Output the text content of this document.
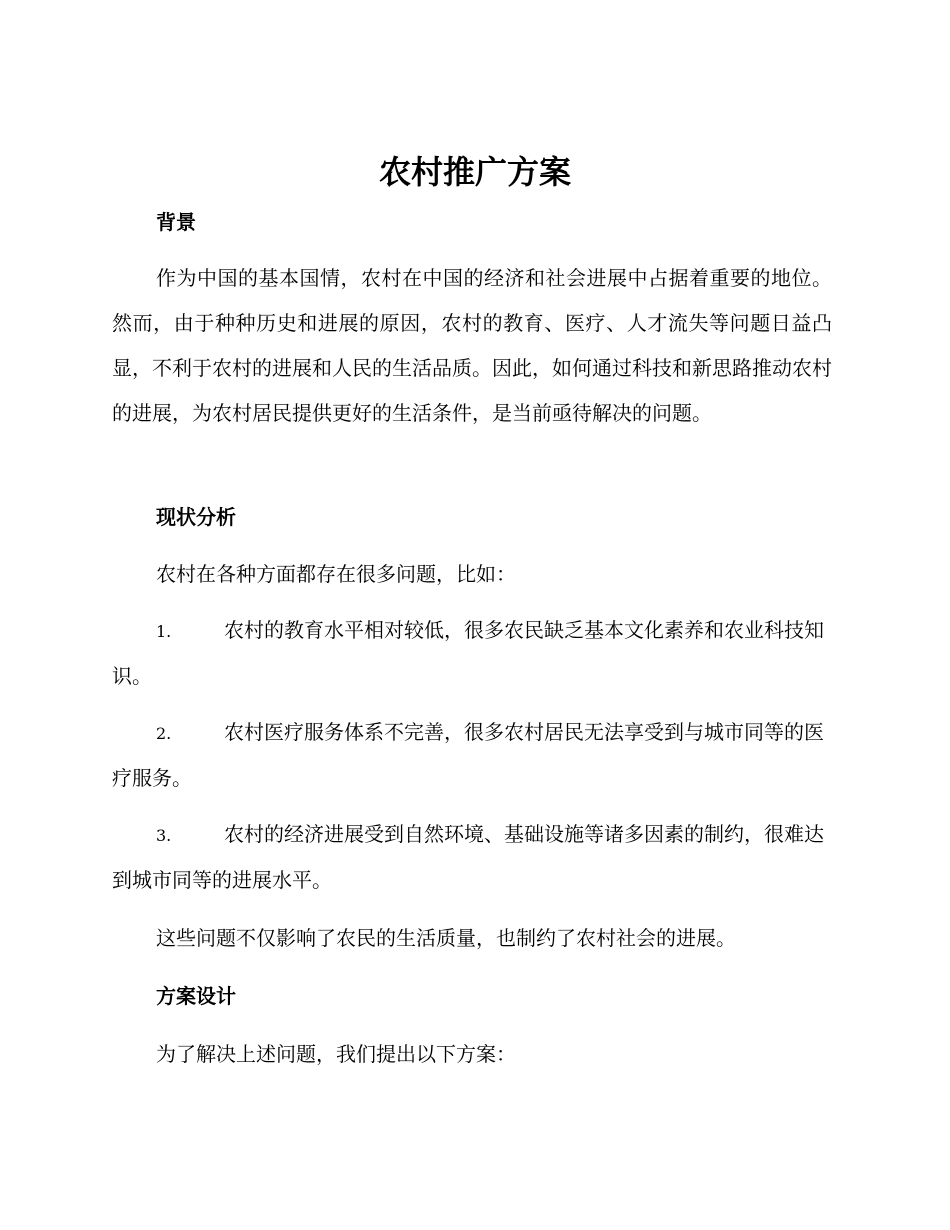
农村推广方案
背景

作为中国的基本国情，农村在中国的经济和社会进展中占据着重要的地位。然而，由于种种历史和进展的原因，农村的教育、医疗、人才流失等问题日益凸显，不利于农村的进展和人民的生活品质。因此，如何通过科技和新思路推动农村的进展，为农村居民提供更好的生活条件，是当前亟待解决的问题。

现状分析
农村在各种方面都存在很多问题，比如：
1.	农村的教育水平相对较低，很多农民缺乏基本文化素养和农业科技知识。
2.	农村医疗服务体系不完善，很多农村居民无法享受到与城市同等的医疗服务。
3.	农村的经济进展受到自然环境、基础设施等诸多因素的制约，很难达到城市同等的进展水平。
这些问题不仅影响了农民的生活质量，也制约了农村社会的进展。
方案设计
为了解决上述问题，我们提出以下方案：
